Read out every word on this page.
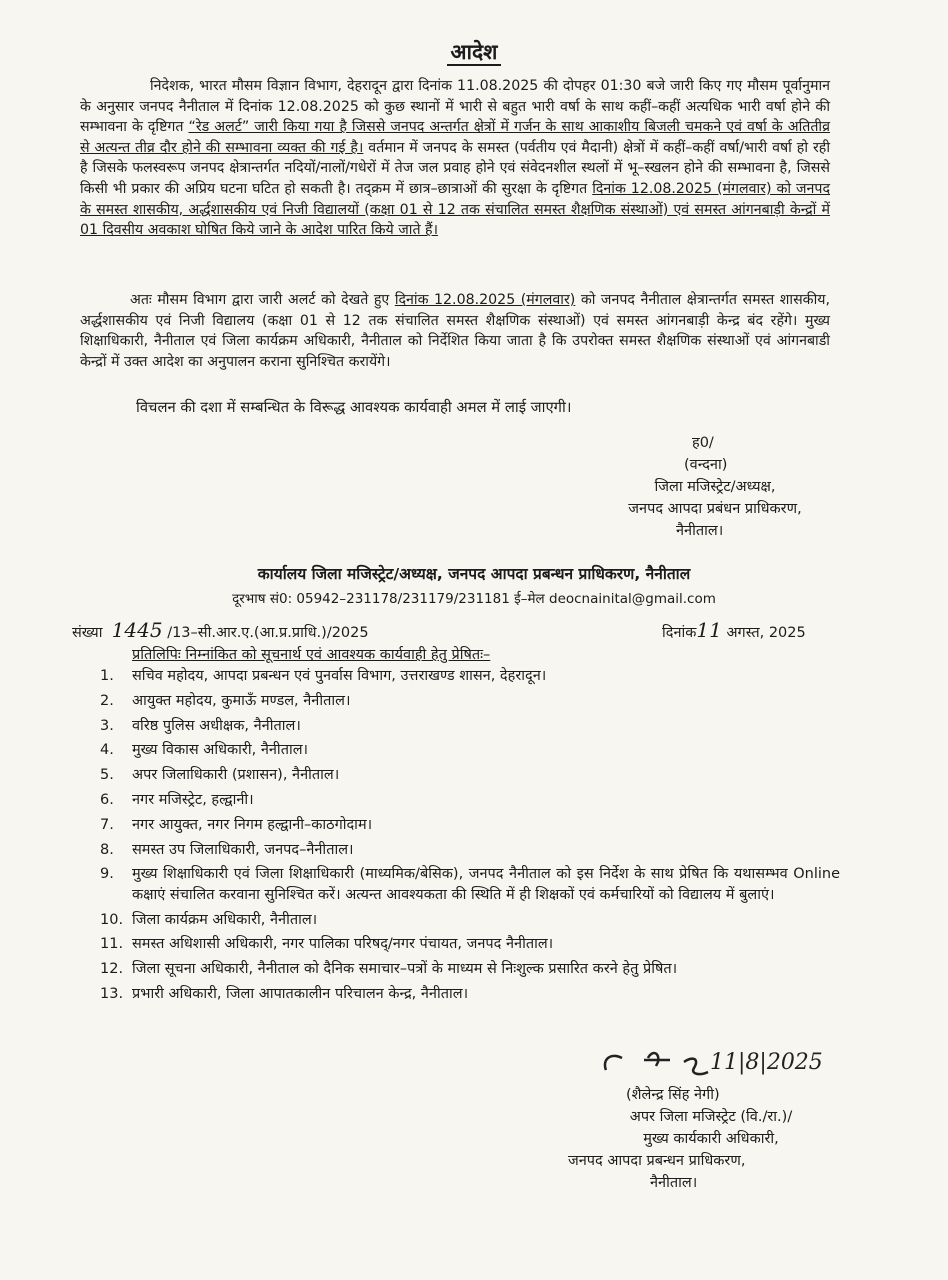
आदेश

निदेशक, भारत मौसम विज्ञान विभाग, देहरादून द्वारा दिनांक 11.08.2025 की दोपहर 01:30 बजे जारी किए गए मौसम पूर्वानुमान के अनुसार जनपद नैनीताल में दिनांक 12.08.2025 को कुछ स्थानों में भारी से बहुत भारी वर्षा के साथ कहीं–कहीं अत्यधिक भारी वर्षा होने की सम्भावना के दृष्टिगत “रेड अलर्ट” जारी किया गया है जिससे जनपद अन्तर्गत क्षेत्रों में गर्जन के साथ आकाशीय बिजली चमकने एवं वर्षा के अतितीव्र से अत्यन्त तीव्र दौर होने की सम्भावना व्यक्त की गई है। वर्तमान में जनपद के समस्त (पर्वतीय एवं मैदानी) क्षेत्रों में कहीं–कहीं वर्षा/भारी वर्षा हो रही है जिसके फलस्वरूप जनपद क्षेत्रान्तर्गत नदियों/नालों/गधेरों में तेज जल प्रवाह होने एवं संवेदनशील स्थलों में भू–स्खलन होने की सम्भावना है, जिससे किसी भी प्रकार की अप्रिय घटना घटित हो सकती है। तद्क्रम में छात्र–छात्राओं की सुरक्षा के दृष्टिगत दिनांक 12.08.2025 (मंगलवार) को जनपद के समस्त शासकीय, अर्द्धशासकीय एवं निजी विद्यालयों (कक्षा 01 से 12 तक संचालित समस्त शैक्षणिक संस्थाओं) एवं समस्त आंगनबाड़ी केन्द्रों में 01 दिवसीय अवकाश घोषित किये जाने के आदेश पारित किये जाते हैं।

अतः मौसम विभाग द्वारा जारी अलर्ट को देखते हुए दिनांक 12.08.2025 (मंगलवार) को जनपद नैनीताल क्षेत्रान्तर्गत समस्त शासकीय, अर्द्धशासकीय एवं निजी विद्यालय (कक्षा 01 से 12 तक संचालित समस्त शैक्षणिक संस्थाओं) एवं समस्त आंगनबाड़ी केन्द्र बंद रहेंगे। मुख्य शिक्षाधिकारी, नैनीताल एवं जिला कार्यक्रम अधिकारी, नैनीताल को निर्देशित किया जाता है कि उपरोक्त समस्त शैक्षणिक संस्थाओं एवं आंगनबाडी केन्द्रों में उक्त आदेश का अनुपालन कराना सुनिश्चित करायेंगे।

विचलन की दशा में सम्बन्धित के विरूद्ध आवश्यक कार्यवाही अमल में लाई जाएगी।

ह0/
(वन्दना)
जिला मजिस्ट्रेट/अध्यक्ष,
जनपद आपदा प्रबंधन प्राधिकरण,
नैनीताल।
कार्यालय जिला मजिस्ट्रेट/अध्यक्ष, जनपद आपदा प्रबन्धन प्राधिकरण, नैनीताल
दूरभाष सं0: 05942–231178/231179/231181 ई–मेल deocnainital@gmail.com
संख्या 1445 /13–सी.आर.ए.(आ.प्र.प्राधि.)/2025	दिनांक11 अगस्त, 2025
प्रतिलिपिः निम्नांकित को सूचनार्थ एवं आवश्यक कार्यवाही हेतु प्रेषितः–
1.	सचिव महोदय, आपदा प्रबन्धन एवं पुनर्वास विभाग, उत्तराखण्ड शासन, देहरादून।
2.	आयुक्त महोदय, कुमाऊँ मण्डल, नैनीताल।
3.	वरिष्ठ पुलिस अधीक्षक, नैनीताल।
4.	मुख्य विकास अधिकारी, नैनीताल।
5.	अपर जिलाधिकारी (प्रशासन), नैनीताल।
6.	नगर मजिस्ट्रेट, हल्द्वानी।
7.	नगर आयुक्त, नगर निगम हल्द्वानी–काठगोदाम।
8.	समस्त उप जिलाधिकारी, जनपद–नैनीताल।
9.	मुख्य शिक्षाधिकारी एवं जिला शिक्षाधिकारी (माध्यमिक/बेसिक), जनपद नैनीताल को इस निर्देश के साथ प्रेषित कि यथासम्भव Online कक्षाएं संचालित करवाना सुनिश्चित करें। अत्यन्त आवश्यकता की स्थिति में ही शिक्षकों एवं कर्मचारियों को विद्यालय में बुलाएं।
10. जिला कार्यक्रम अधिकारी, नैनीताल।
11. समस्त अधिशासी अधिकारी, नगर पालिका परिषद्/नगर पंचायत, जनपद नैनीताल।
12. जिला सूचना अधिकारी, नैनीताल को दैनिक समाचार–पत्रों के माध्यम से निःशुल्क प्रसारित करने हेतु प्रेषित।
13. प्रभारी अधिकारी, जिला आपातकालीन परिचालन केन्द्र, नैनीताल।
11|8|2025
(शैलेन्द्र सिंह नेगी)
अपर जिला मजिस्ट्रेट (वि./रा.)/
मुख्य कार्यकारी अधिकारी,
जनपद आपदा प्रबन्धन प्राधिकरण,
नैनीताल।
